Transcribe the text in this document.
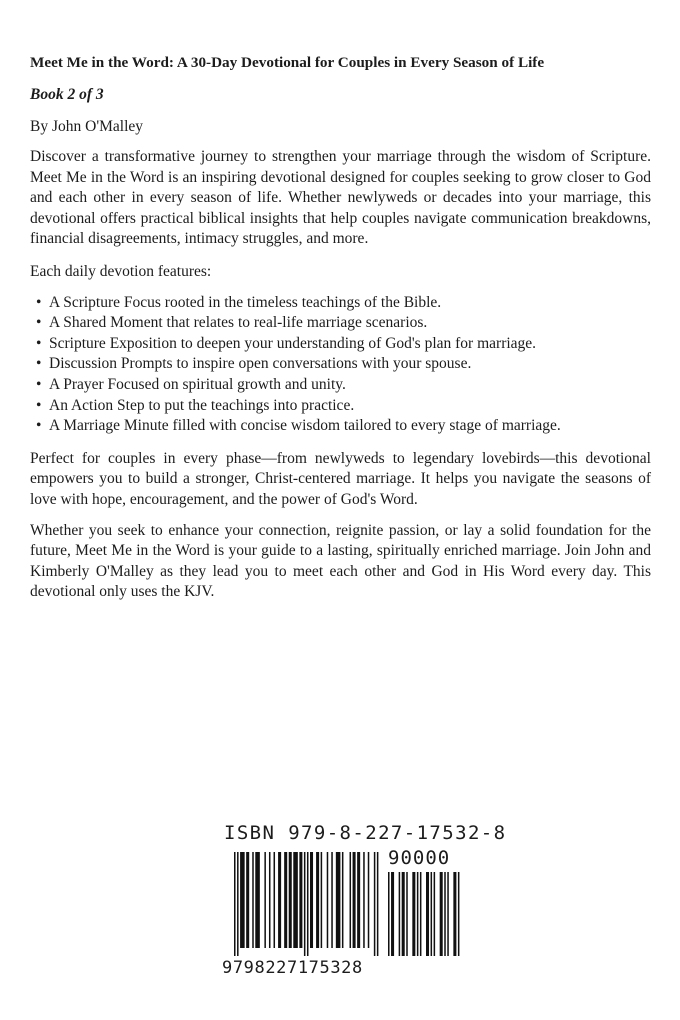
Meet Me in the Word: A 30-Day Devotional for Couples in Every Season of Life

Book 2 of 3

By John O'Malley

Discover a transformative journey to strengthen your marriage through the wisdom of Scripture. Meet Me in the Word is an inspiring devotional designed for couples seeking to grow closer to God and each other in every season of life. Whether newlyweds or decades into your marriage, this devotional offers practical biblical insights that help couples navigate communication breakdowns, financial disagreements, intimacy struggles, and more.

Each daily devotion features:

• A Scripture Focus rooted in the timeless teachings of the Bible.
• A Shared Moment that relates to real-life marriage scenarios.
• Scripture Exposition to deepen your understanding of God's plan for marriage.
• Discussion Prompts to inspire open conversations with your spouse.
• A Prayer Focused on spiritual growth and unity.
• An Action Step to put the teachings into practice.
• A Marriage Minute filled with concise wisdom tailored to every stage of marriage.

Perfect for couples in every phase—from newlyweds to legendary lovebirds—this devotional empowers you to build a stronger, Christ-centered marriage. It helps you navigate the seasons of love with hope, encouragement, and the power of God's Word.

Whether you seek to enhance your connection, reignite passion, or lay a solid foundation for the future, Meet Me in the Word is your guide to a lasting, spiritually enriched marriage. Join John and Kimberly O'Malley as they lead you to meet each other and God in His Word every day. This devotional only uses the KJV.

ISBN 979-8-227-17532-8
90000
9798227175328
